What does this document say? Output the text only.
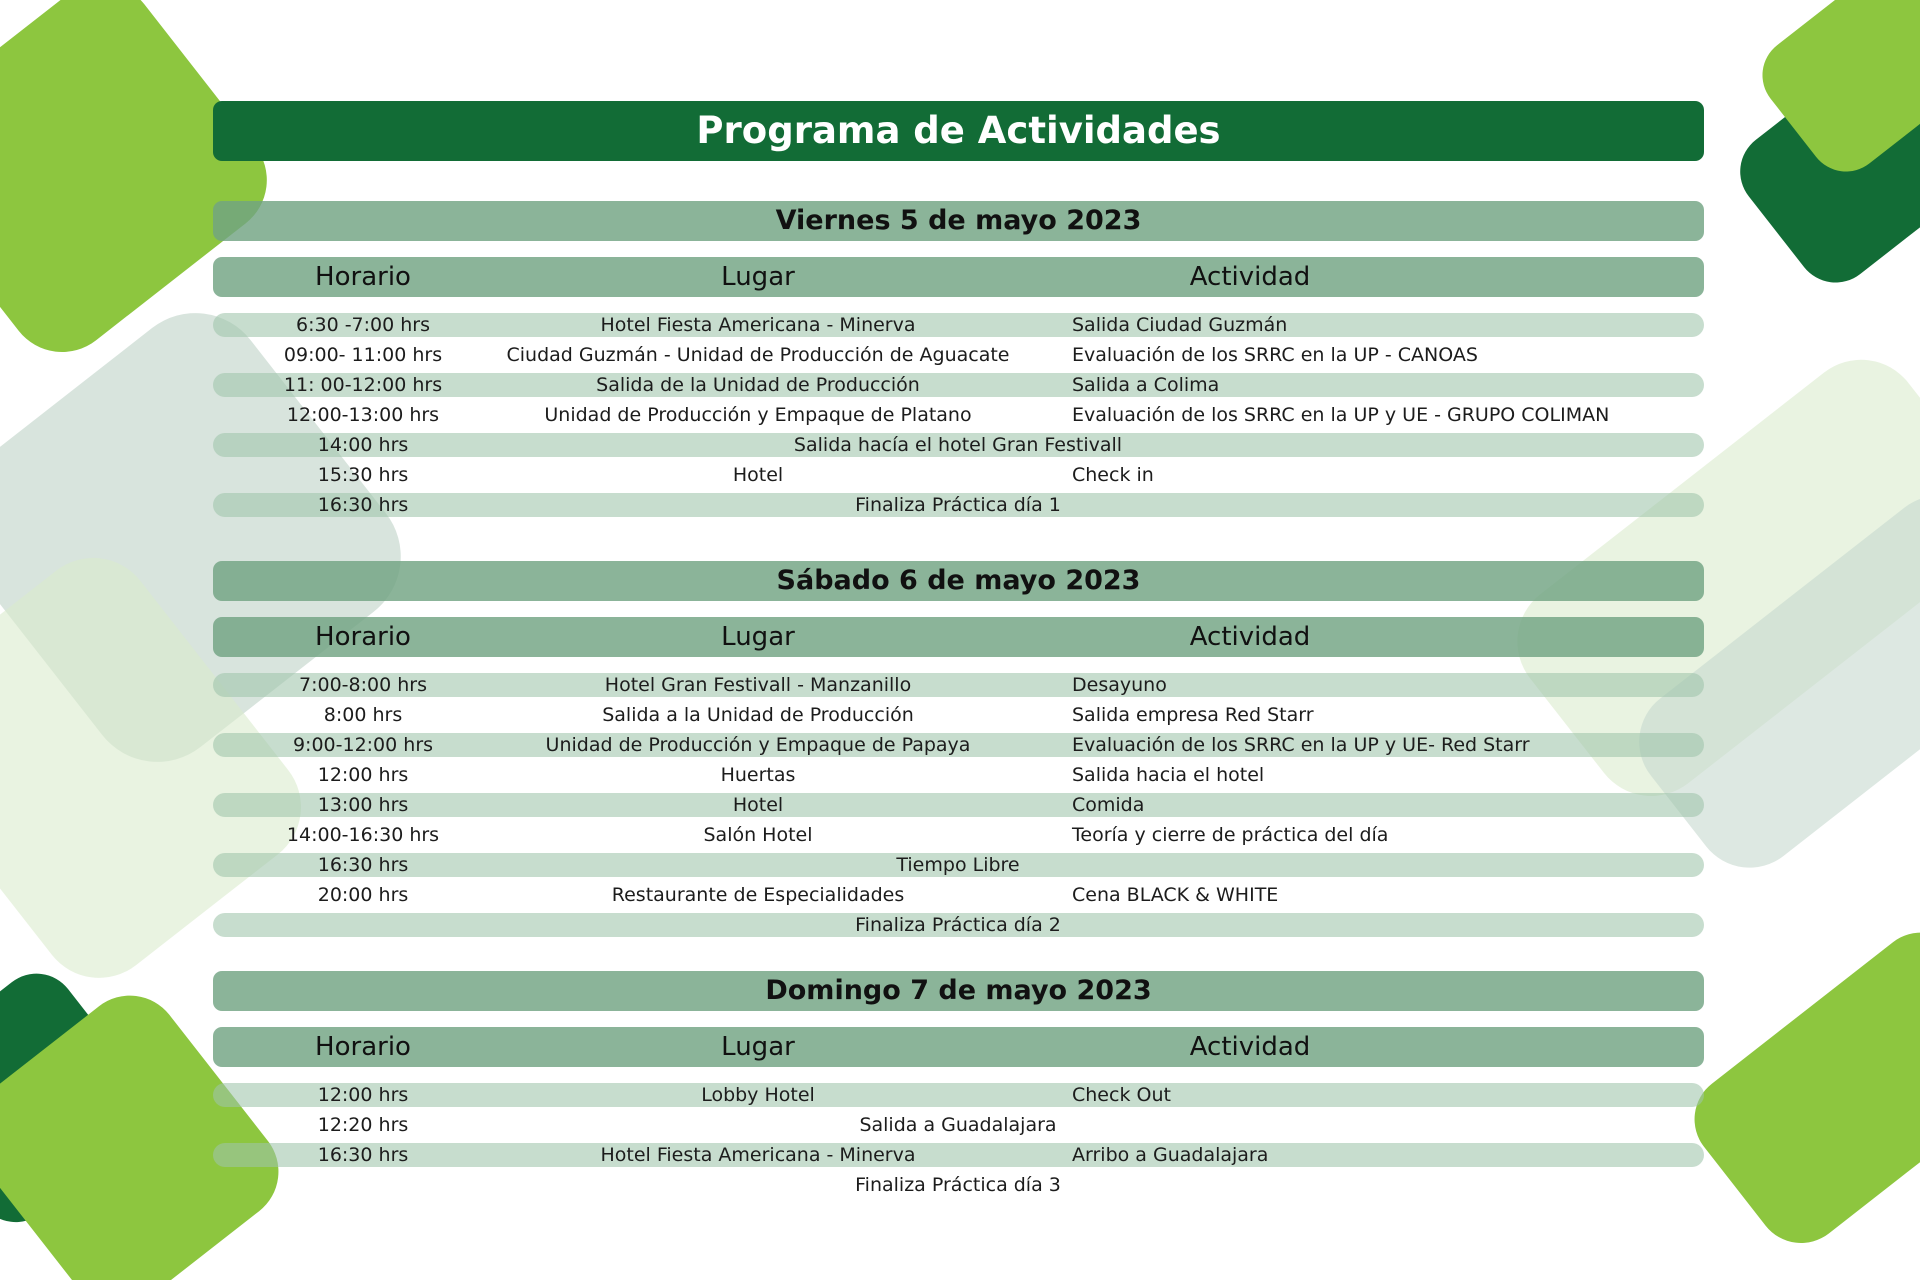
Programa de Actividades
Viernes 5 de mayo 2023
Horario	Lugar	Actividad
6:30 -7:00 hrs	Hotel Fiesta Americana - Minerva	Salida Ciudad Guzmán
09:00- 11:00 hrs	Ciudad Guzmán - Unidad de Producción de Aguacate	Evaluación de los SRRC en la UP - CANOAS
11: 00-12:00 hrs	Salida de la Unidad de Producción	Salida a Colima
12:00-13:00 hrs	Unidad de Producción y Empaque de Platano	Evaluación de los SRRC en la UP y UE - GRUPO COLIMAN
14:00 hrs	Salida hacía el hotel Gran Festivall
15:30 hrs	Hotel	Check in
16:30 hrs	Finaliza Práctica día 1
Sábado 6 de mayo 2023
Horario	Lugar	Actividad
7:00-8:00 hrs	Hotel Gran Festivall - Manzanillo	Desayuno
8:00 hrs	Salida a la Unidad de Producción	Salida empresa Red Starr
9:00-12:00 hrs	Unidad de Producción y Empaque de Papaya	Evaluación de los SRRC en la UP y UE- Red Starr
12:00 hrs	Huertas	Salida hacia el hotel
13:00 hrs	Hotel	Comida
14:00-16:30 hrs	Salón Hotel	Teoría y cierre de práctica del día
16:30 hrs	Tiempo Libre
20:00 hrs	Restaurante de Especialidades	Cena BLACK & WHITE
Finaliza Práctica día 2
Domingo 7 de mayo 2023
Horario	Lugar	Actividad
12:00 hrs	Lobby Hotel	Check Out
12:20 hrs	Salida a Guadalajara
16:30 hrs	Hotel Fiesta Americana - Minerva	Arribo a Guadalajara
Finaliza Práctica día 3
